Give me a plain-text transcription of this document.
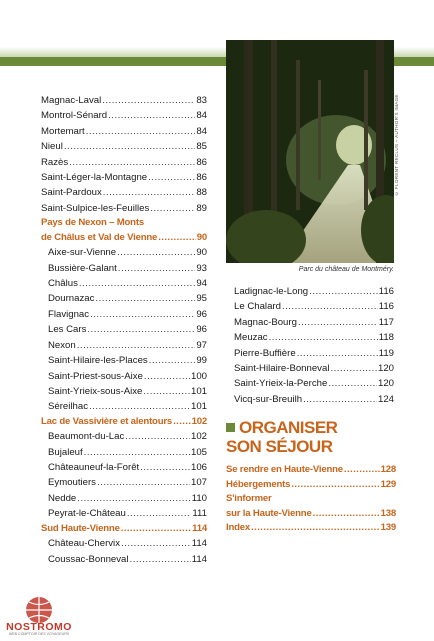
© FLORENT RECLUS – AUTHOR'S IMAGE
Parc du château de Montméry.
Magnac-Laval .....	83
Montrol-Sénard .....	84
Mortemart .....	84
Nieul .....	85
Razès .....	86
Saint-Léger-la-Montagne .....	86
Saint-Pardoux .....	88
Saint-Sulpice-les-Feuilles .....	89
Pays de Nexon – Monts
de Châlus et Val de Vienne .....	90
Aixe-sur-Vienne .....	90
Bussière-Galant .....	93
Châlus .....	94
Dournazac .....	95
Flavignac .....	96
Les Cars .....	96
Nexon .....	97
Saint-Hilaire-les-Places .....	99
Saint-Priest-sous-Aixe .....	100
Saint-Yrieix-sous-Aixe .....	101
Séreilhac .....	101
Lac de Vassivière et alentours ..... 102
Beaumont-du-Lac .....	102
Bujaleuf .....	105
Châteauneuf-la-Forêt .....	106
Eymoutiers .....	107
Nedde .....	110
Peyrat-le-Château .....	111
Sud Haute-Vienne .....	114
Château-Chervix .....	114
Coussac-Bonneval .....	114
Ladignac-le-Long .....	116
Le Chalard .....	116
Magnac-Bourg .....	117
Meuzac .....	118
Pierre-Buffière .....	119
Saint-Hilaire-Bonneval .....	120
Saint-Yrieix-la-Perche .....	120
Vicq-sur-Breuilh .....	124
ORGANISER
SON SÉJOUR
Se rendre en Haute-Vienne .....	128
Hébergements .....	129
S'informer
sur la Haute-Vienne .....	138
Index .....	139
NOSTROMO
WEB COMPTOIR DES VOYAGEURS
